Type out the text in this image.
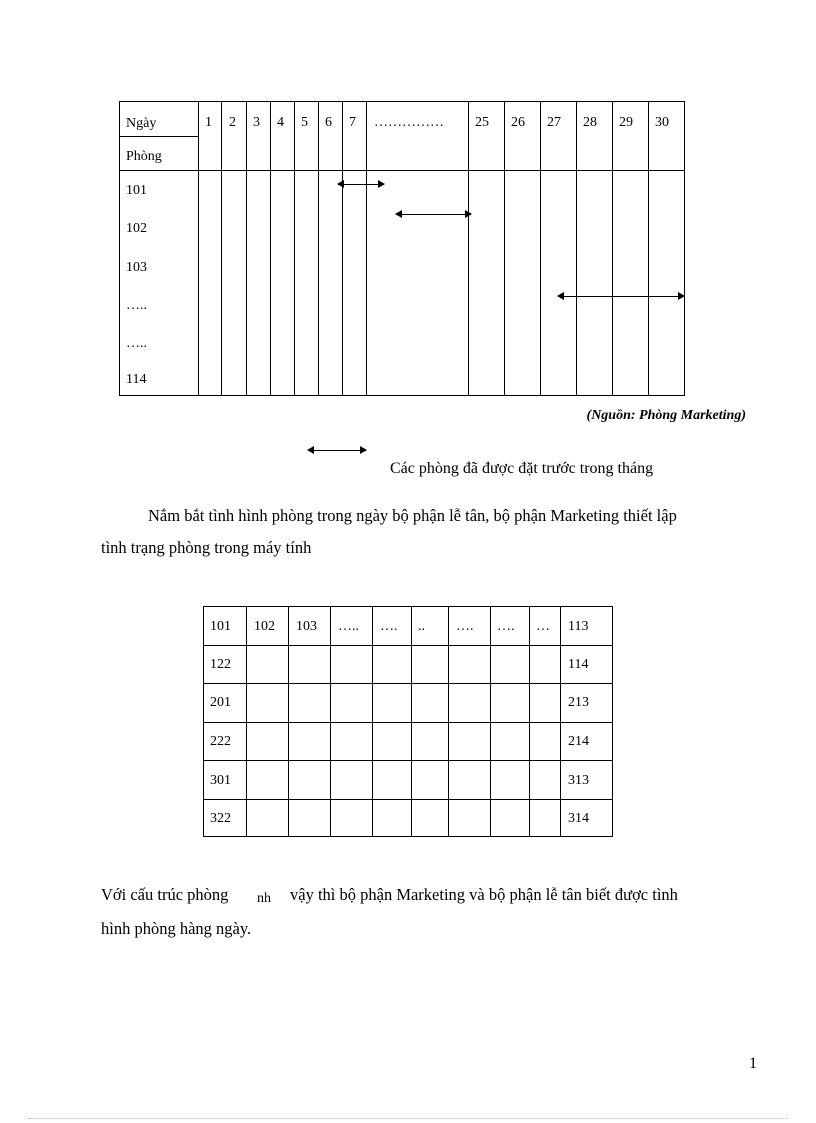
Ngày
Phòng
1 2 3 4 5 6 7 …………… 25 26 27 28 29 30
101
102
103
…..
…..
114
(Nguồn: Phòng Marketing)
Các phòng đã được đặt trước trong tháng
Nắm bắt tình hình phòng trong ngày bộ phận lễ tân, bộ phận Marketing thiết lập
tình trạng phòng trong máy tính
101 102 103 ….. …. .. …. …. … 113
122
201
222
301
322
114
213
214
313
314
Với cấu trúc phòng nh vậy thì bộ phận Marketing và bộ phận lễ tân biết được tình
hình phòng hàng ngày.
1
